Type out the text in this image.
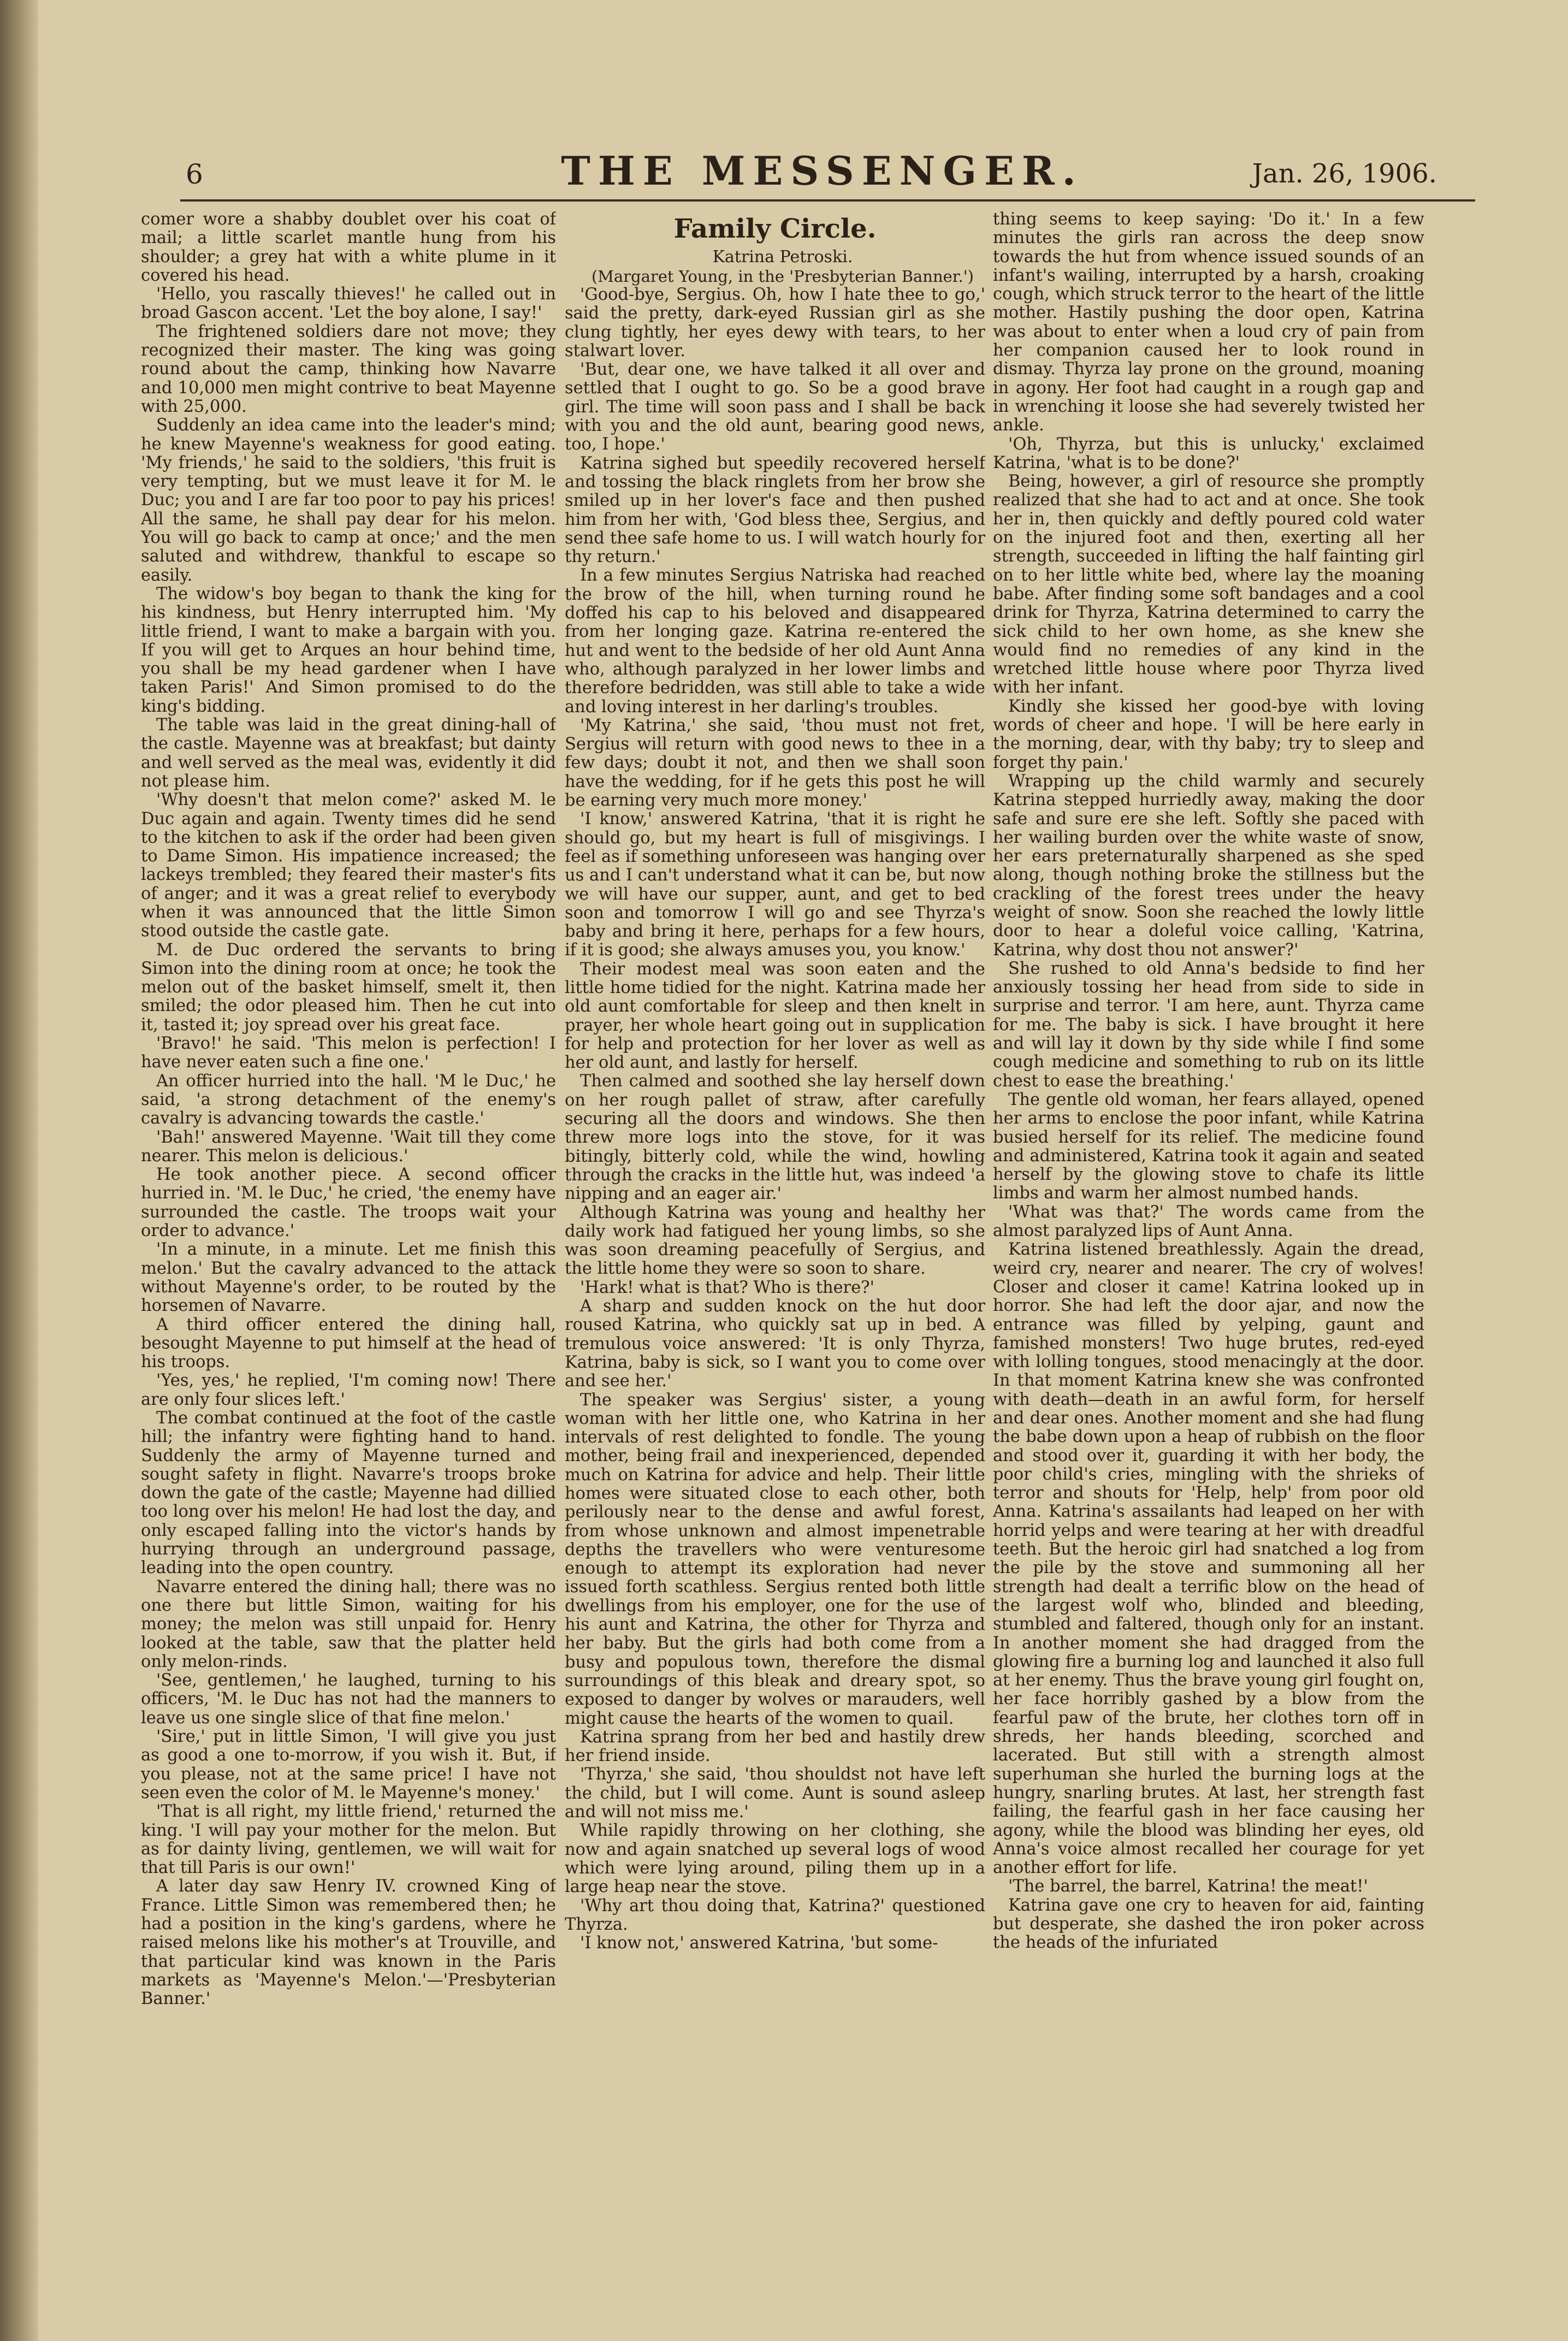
6	THE MESSENGER.	Jan. 26, 1906.

comer wore a shabby doublet over his coat of mail; a little scarlet mantle hung from his shoulder; a grey hat with a white plume in it covered his head.

'Hello, you rascally thieves!' he called out in broad Gascon accent. 'Let the boy alone, I say!'

The frightened soldiers dare not move; they recognized their master. The king was going round about the camp, thinking how Navarre and 10,000 men might contrive to beat Mayenne with 25,000.

Suddenly an idea came into the leader's mind; he knew Mayenne's weakness for good eating. 'My friends,' he said to the soldiers, 'this fruit is very tempting, but we must leave it for M. le Duc; you and I are far too poor to pay his prices! All the same, he shall pay dear for his melon. You will go back to camp at once;' and the men saluted and withdrew, thankful to escape so easily.

The widow's boy began to thank the king for his kindness, but Henry interrupted him. 'My little friend, I want to make a bargain with you. If you will get to Arques an hour behind time, you shall be my head gardener when I have taken Paris!' And Simon promised to do the king's bidding.

The table was laid in the great dining-hall of the castle. Mayenne was at breakfast; but dainty and well served as the meal was, evidently it did not please him.

'Why doesn't that melon come?' asked M. le Duc again and again. Twenty times did he send to the kitchen to ask if the order had been given to Dame Simon. His impatience increased; the lackeys trembled; they feared their master's fits of anger; and it was a great relief to everybody when it was announced that the little Simon stood outside the castle gate.

M. de Duc ordered the servants to bring Simon into the dining room at once; he took the melon out of the basket himself, smelt it, then smiled; the odor pleased him. Then he cut into it, tasted it; joy spread over his great face.

'Bravo!' he said. 'This melon is perfection! I have never eaten such a fine one.'

An officer hurried into the hall. 'M le Duc,' he said, 'a strong detachment of the enemy's cavalry is advancing towards the castle.'

'Bah!' answered Mayenne. 'Wait till they come nearer. This melon is delicious.'

He took another piece. A second officer hurried in. 'M. le Duc,' he cried, 'the enemy have surrounded the castle. The troops wait your order to advance.'

'In a minute, in a minute. Let me finish this melon.' But the cavalry advanced to the attack without Mayenne's order, to be routed by the horsemen of Navarre.

A third officer entered the dining hall, besought Mayenne to put himself at the head of his troops.

'Yes, yes,' he replied, 'I'm coming now! There are only four slices left.'

The combat continued at the foot of the castle hill; the infantry were fighting hand to hand. Suddenly the army of Mayenne turned and sought safety in flight. Navarre's troops broke down the gate of the castle; Mayenne had dillied too long over his melon! He had lost the day, and only escaped falling into the victor's hands by hurrying through an underground passage, leading into the open country.

Navarre entered the dining hall; there was no one there but little Simon, waiting for his money; the melon was still unpaid for. Henry looked at the table, saw that the platter held only melon-rinds.

'See, gentlemen,' he laughed, turning to his officers, 'M. le Duc has not had the manners to leave us one single slice of that fine melon.'

'Sire,' put in little Simon, 'I will give you just as good a one to-morrow, if you wish it. But, if you please, not at the same price! I have not seen even the color of M. le Mayenne's money.'

'That is all right, my little friend,' returned the king. 'I will pay your mother for the melon. But as for dainty living, gentlemen, we will wait for that till Paris is our own!'

A later day saw Henry IV. crowned King of France. Little Simon was remembered then; he had a position in the king's gardens, where he raised melons like his mother's at Trouville, and that particular kind was known in the Paris markets as 'Mayenne's Melon.'—'Presbyterian Banner.'

Family Circle.

Katrina Petroski.

(Margaret Young, in the 'Presbyterian Banner.')

'Good-bye, Sergius. Oh, how I hate thee to go,' said the pretty, dark-eyed Russian girl as she clung tightly, her eyes dewy with tears, to her stalwart lover.

'But, dear one, we have talked it all over and settled that I ought to go. So be a good brave girl. The time will soon pass and I shall be back with you and the old aunt, bearing good news, too, I hope.'

Katrina sighed but speedily recovered herself and tossing the black ringlets from her brow she smiled up in her lover's face and then pushed him from her with, 'God bless thee, Sergius, and send thee safe home to us. I will watch hourly for thy return.'

In a few minutes Sergius Natriska had reached the brow of the hill, when turning round he doffed his cap to his beloved and disappeared from her longing gaze. Katrina re-entered the hut and went to the bedside of her old Aunt Anna who, although paralyzed in her lower limbs and therefore bedridden, was still able to take a wide and loving interest in her darling's troubles.

'My Katrina,' she said, 'thou must not fret, Sergius will return with good news to thee in a few days; doubt it not, and then we shall soon have the wedding, for if he gets this post he will be earning very much more money.'

'I know,' answered Katrina, 'that it is right he should go, but my heart is full of misgivings. I feel as if something unforeseen was hanging over us and I can't understand what it can be, but now we will have our supper, aunt, and get to bed soon and tomorrow I will go and see Thyrza's baby and bring it here, perhaps for a few hours, if it is good; she always amuses you, you know.'

Their modest meal was soon eaten and the little home tidied for the night. Katrina made her old aunt comfortable for sleep and then knelt in prayer, her whole heart going out in supplication for help and protection for her lover as well as her old aunt, and lastly for herself.

Then calmed and soothed she lay herself down on her rough pallet of straw, after carefully securing all the doors and windows. She then threw more logs into the stove, for it was bitingly, bitterly cold, while the wind, howling through the cracks in the little hut, was indeed 'a nipping and an eager air.'

Although Katrina was young and healthy her daily work had fatigued her young limbs, so she was soon dreaming peacefully of Sergius, and the little home they were so soon to share.

'Hark! what is that? Who is there?'

A sharp and sudden knock on the hut door roused Katrina, who quickly sat up in bed. A tremulous voice answered: 'It is only Thyrza, Katrina, baby is sick, so I want you to come over and see her.'

The speaker was Sergius' sister, a young woman with her little one, who Katrina in her intervals of rest delighted to fondle. The young mother, being frail and inexperienced, depended much on Katrina for advice and help. Their little homes were situated close to each other, both perilously near to the dense and awful forest, from whose unknown and almost impenetrable depths the travellers who were venturesome enough to attempt its exploration had never issued forth scathless. Sergius rented both little dwellings from his employer, one for the use of his aunt and Katrina, the other for Thyrza and her baby. But the girls had both come from a busy and populous town, therefore the dismal surroundings of this bleak and dreary spot, so exposed to danger by wolves or marauders, well might cause the hearts of the women to quail.

Katrina sprang from her bed and hastily drew her friend inside.

'Thyrza,' she said, 'thou shouldst not have left the child, but I will come. Aunt is sound asleep and will not miss me.'

While rapidly throwing on her clothing, she now and again snatched up several logs of wood which were lying around, piling them up in a large heap near the stove.

'Why art thou doing that, Katrina?' questioned Thyrza.

'I know not,' answered Katrina, 'but some-

thing seems to keep saying: 'Do it.' In a few minutes the girls ran across the deep snow towards the hut from whence issued sounds of an infant's wailing, interrupted by a harsh, croaking cough, which struck terror to the heart of the little mother. Hastily pushing the door open, Katrina was about to enter when a loud cry of pain from her companion caused her to look round in dismay. Thyrza lay prone on the ground, moaning in agony. Her foot had caught in a rough gap and in wrenching it loose she had severely twisted her ankle.

'Oh, Thyrza, but this is unlucky,' exclaimed Katrina, 'what is to be done?'

Being, however, a girl of resource she promptly realized that she had to act and at once. She took her in, then quickly and deftly poured cold water on the injured foot and then, exerting all her strength, succeeded in lifting the half fainting girl on to her little white bed, where lay the moaning babe. After finding some soft bandages and a cool drink for Thyrza, Katrina determined to carry the sick child to her own home, as she knew she would find no remedies of any kind in the wretched little house where poor Thyrza lived with her infant.

Kindly she kissed her good-bye with loving words of cheer and hope. 'I will be here early in the morning, dear, with thy baby; try to sleep and forget thy pain.'

Wrapping up the child warmly and securely Katrina stepped hurriedly away, making the door safe and sure ere she left. Softly she paced with her wailing burden over the white waste of snow, her ears preternaturally sharpened as she sped along, though nothing broke the stillness but the crackling of the forest trees under the heavy weight of snow. Soon she reached the lowly little door to hear a doleful voice calling, 'Katrina, Katrina, why dost thou not answer?'

She rushed to old Anna's bedside to find her anxiously tossing her head from side to side in surprise and terror. 'I am here, aunt. Thyrza came for me. The baby is sick. I have brought it here and will lay it down by thy side while I find some cough medicine and something to rub on its little chest to ease the breathing.'

The gentle old woman, her fears allayed, opened her arms to enclose the poor infant, while Katrina busied herself for its relief. The medicine found and administered, Katrina took it again and seated herself by the glowing stove to chafe its little limbs and warm her almost numbed hands.

'What was that?' The words came from the almost paralyzed lips of Aunt Anna.

Katrina listened breathlessly. Again the dread, weird cry, nearer and nearer. The cry of wolves! Closer and closer it came! Katrina looked up in horror. She had left the door ajar, and now the entrance was filled by yelping, gaunt and famished monsters! Two huge brutes, red-eyed with lolling tongues, stood menacingly at the door. In that moment Katrina knew she was confronted with death—death in an awful form, for herself and dear ones. Another moment and she had flung the babe down upon a heap of rubbish on the floor and stood over it, guarding it with her body, the poor child's cries, mingling with the shrieks of terror and shouts for 'Help, help' from poor old Anna. Katrina's assailants had leaped on her with horrid yelps and were tearing at her with dreadful teeth. But the heroic girl had snatched a log from the pile by the stove and summoning all her strength had dealt a terrific blow on the head of the largest wolf who, blinded and bleeding, stumbled and faltered, though only for an instant. In another moment she had dragged from the glowing fire a burning log and launched it also full at her enemy. Thus the brave young girl fought on, her face horribly gashed by a blow from the fearful paw of the brute, her clothes torn off in shreds, her hands bleeding, scorched and lacerated. But still with a strength almost superhuman she hurled the burning logs at the hungry, snarling brutes. At last, her strength fast failing, the fearful gash in her face causing her agony, while the blood was blinding her eyes, old Anna's voice almost recalled her courage for yet another effort for life.

'The barrel, the barrel, Katrina! the meat!'

Katrina gave one cry to heaven for aid, fainting but desperate, she dashed the iron poker across the heads of the infuriated
